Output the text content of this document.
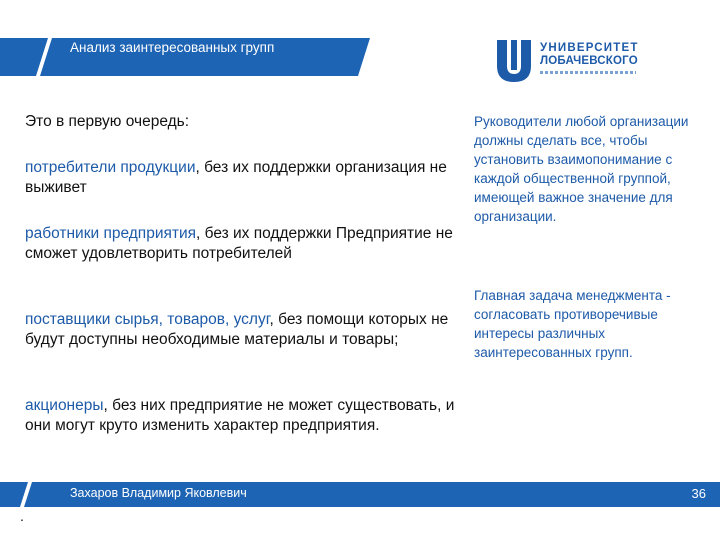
Анализ заинтересованных групп	УНИВЕРСИТЕТ
ЛОБАЧЕВСКОГО

Это в первую очередь:

потребители продукции, без их поддержки организация не выживет

работники предприятия, без их поддержки Предприятие не сможет удовлетворить потребителей

поставщики сырья, товаров, услуг, без помощи которых не будут доступны необходимые материалы и товары;

акционеры, без них предприятие не может существовать, и они могут круто изменить характер предприятия.

Руководители любой организации должны сделать все, чтобы установить взаимопонимание с каждой общественной группой, имеющей важное значение для организации.

Главная задача менеджмента - согласовать противоречивые интересы различных заинтересованных групп.

Захаров Владимир Яковлевич	36
.
